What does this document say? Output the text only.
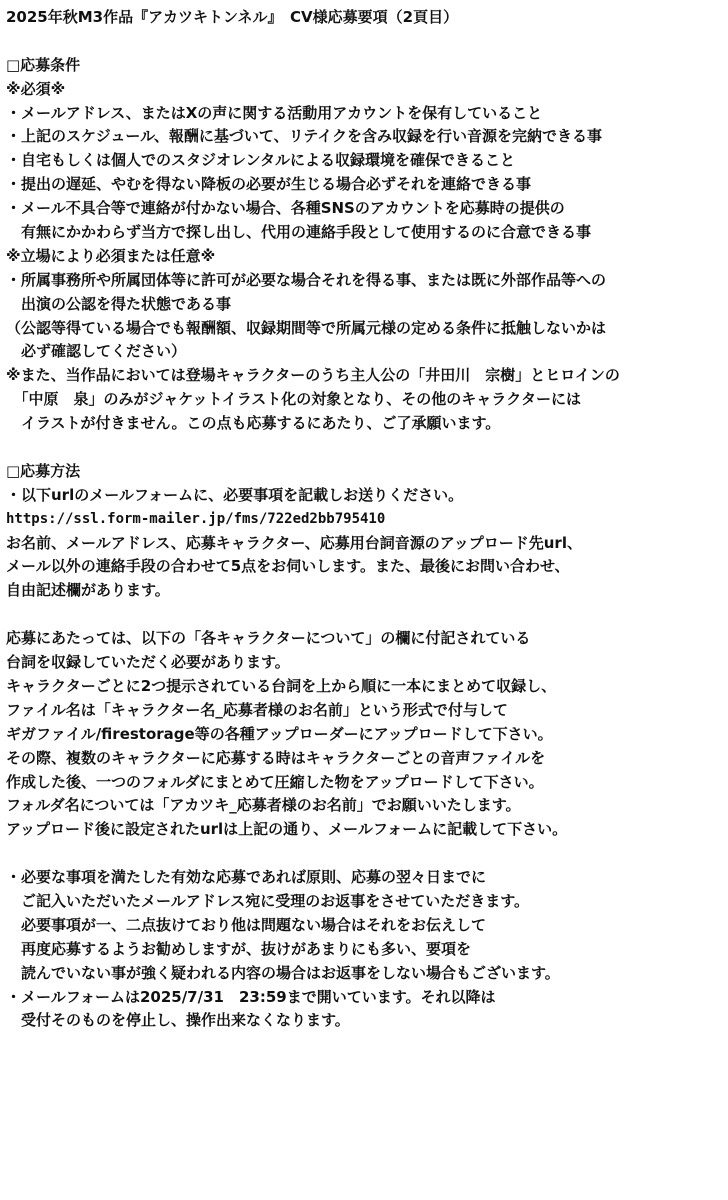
2025年秋M3作品『アカツキトンネル』　CV様応募要項（2頁目）
□応募条件
※必須※
・メールアドレス、またはXの声に関する活動用アカウントを保有していること
・上記のスケジュール、報酬に基づいて、リテイクを含み収録を行い音源を完納できる事
・自宅もしくは個人でのスタジオレンタルによる収録環境を確保できること
・提出の遅延、やむを得ない降板の必要が生じる場合必ずそれを連絡できる事
・メール不具合等で連絡が付かない場合、各種SNSのアカウントを応募時の提供の
　有無にかかわらず当方で探し出し、代用の連絡手段として使用するのに合意できる事
※立場により必須または任意※
・所属事務所や所属団体等に許可が必要な場合それを得る事、または既に外部作品等への
　出演の公認を得た状態である事
（公認等得ている場合でも報酬額、収録期間等で所属元様の定める条件に抵触しないかは
　必ず確認してください）
※また、当作品においては登場キャラクターのうち主人公の「井田川　宗樹」とヒロインの
　「中原　泉」のみがジャケットイラスト化の対象となり、その他のキャラクターには
　イラストが付きません。この点も応募するにあたり、ご了承願います。
□応募方法
・以下urlのメールフォームに、必要事項を記載しお送りください。
https://ssl.form-mailer.jp/fms/722ed2bb795410
お名前、メールアドレス、応募キャラクター、応募用台詞音源のアップロード先url、
メール以外の連絡手段の合わせて5点をお伺いします。また、最後にお問い合わせ、
自由記述欄があります。
応募にあたっては、以下の「各キャラクターについて」の欄に付記されている
台詞を収録していただく必要があります。
キャラクターごとに2つ提示されている台詞を上から順に一本にまとめて収録し、
ファイル名は「キャラクター名_応募者様のお名前」という形式で付与して
ギガファイル/firestorage等の各種アップローダーにアップロードして下さい。
その際、複数のキャラクターに応募する時はキャラクターごとの音声ファイルを
作成した後、一つのフォルダにまとめて圧縮した物をアップロードして下さい。
フォルダ名については「アカツキ_応募者様のお名前」でお願いいたします。
アップロード後に設定されたurlは上記の通り、メールフォームに記載して下さい。
・必要な事項を満たした有効な応募であれば原則、応募の翌々日までに
　ご記入いただいたメールアドレス宛に受理のお返事をさせていただきます。
　必要事項が一、二点抜けており他は問題ない場合はそれをお伝えして
　再度応募するようお勧めしますが、抜けがあまりにも多い、要項を
　読んでいない事が強く疑われる内容の場合はお返事をしない場合もございます。
・メールフォームは2025/7/31　23:59まで開いています。それ以降は
　受付そのものを停止し、操作出来なくなります。
